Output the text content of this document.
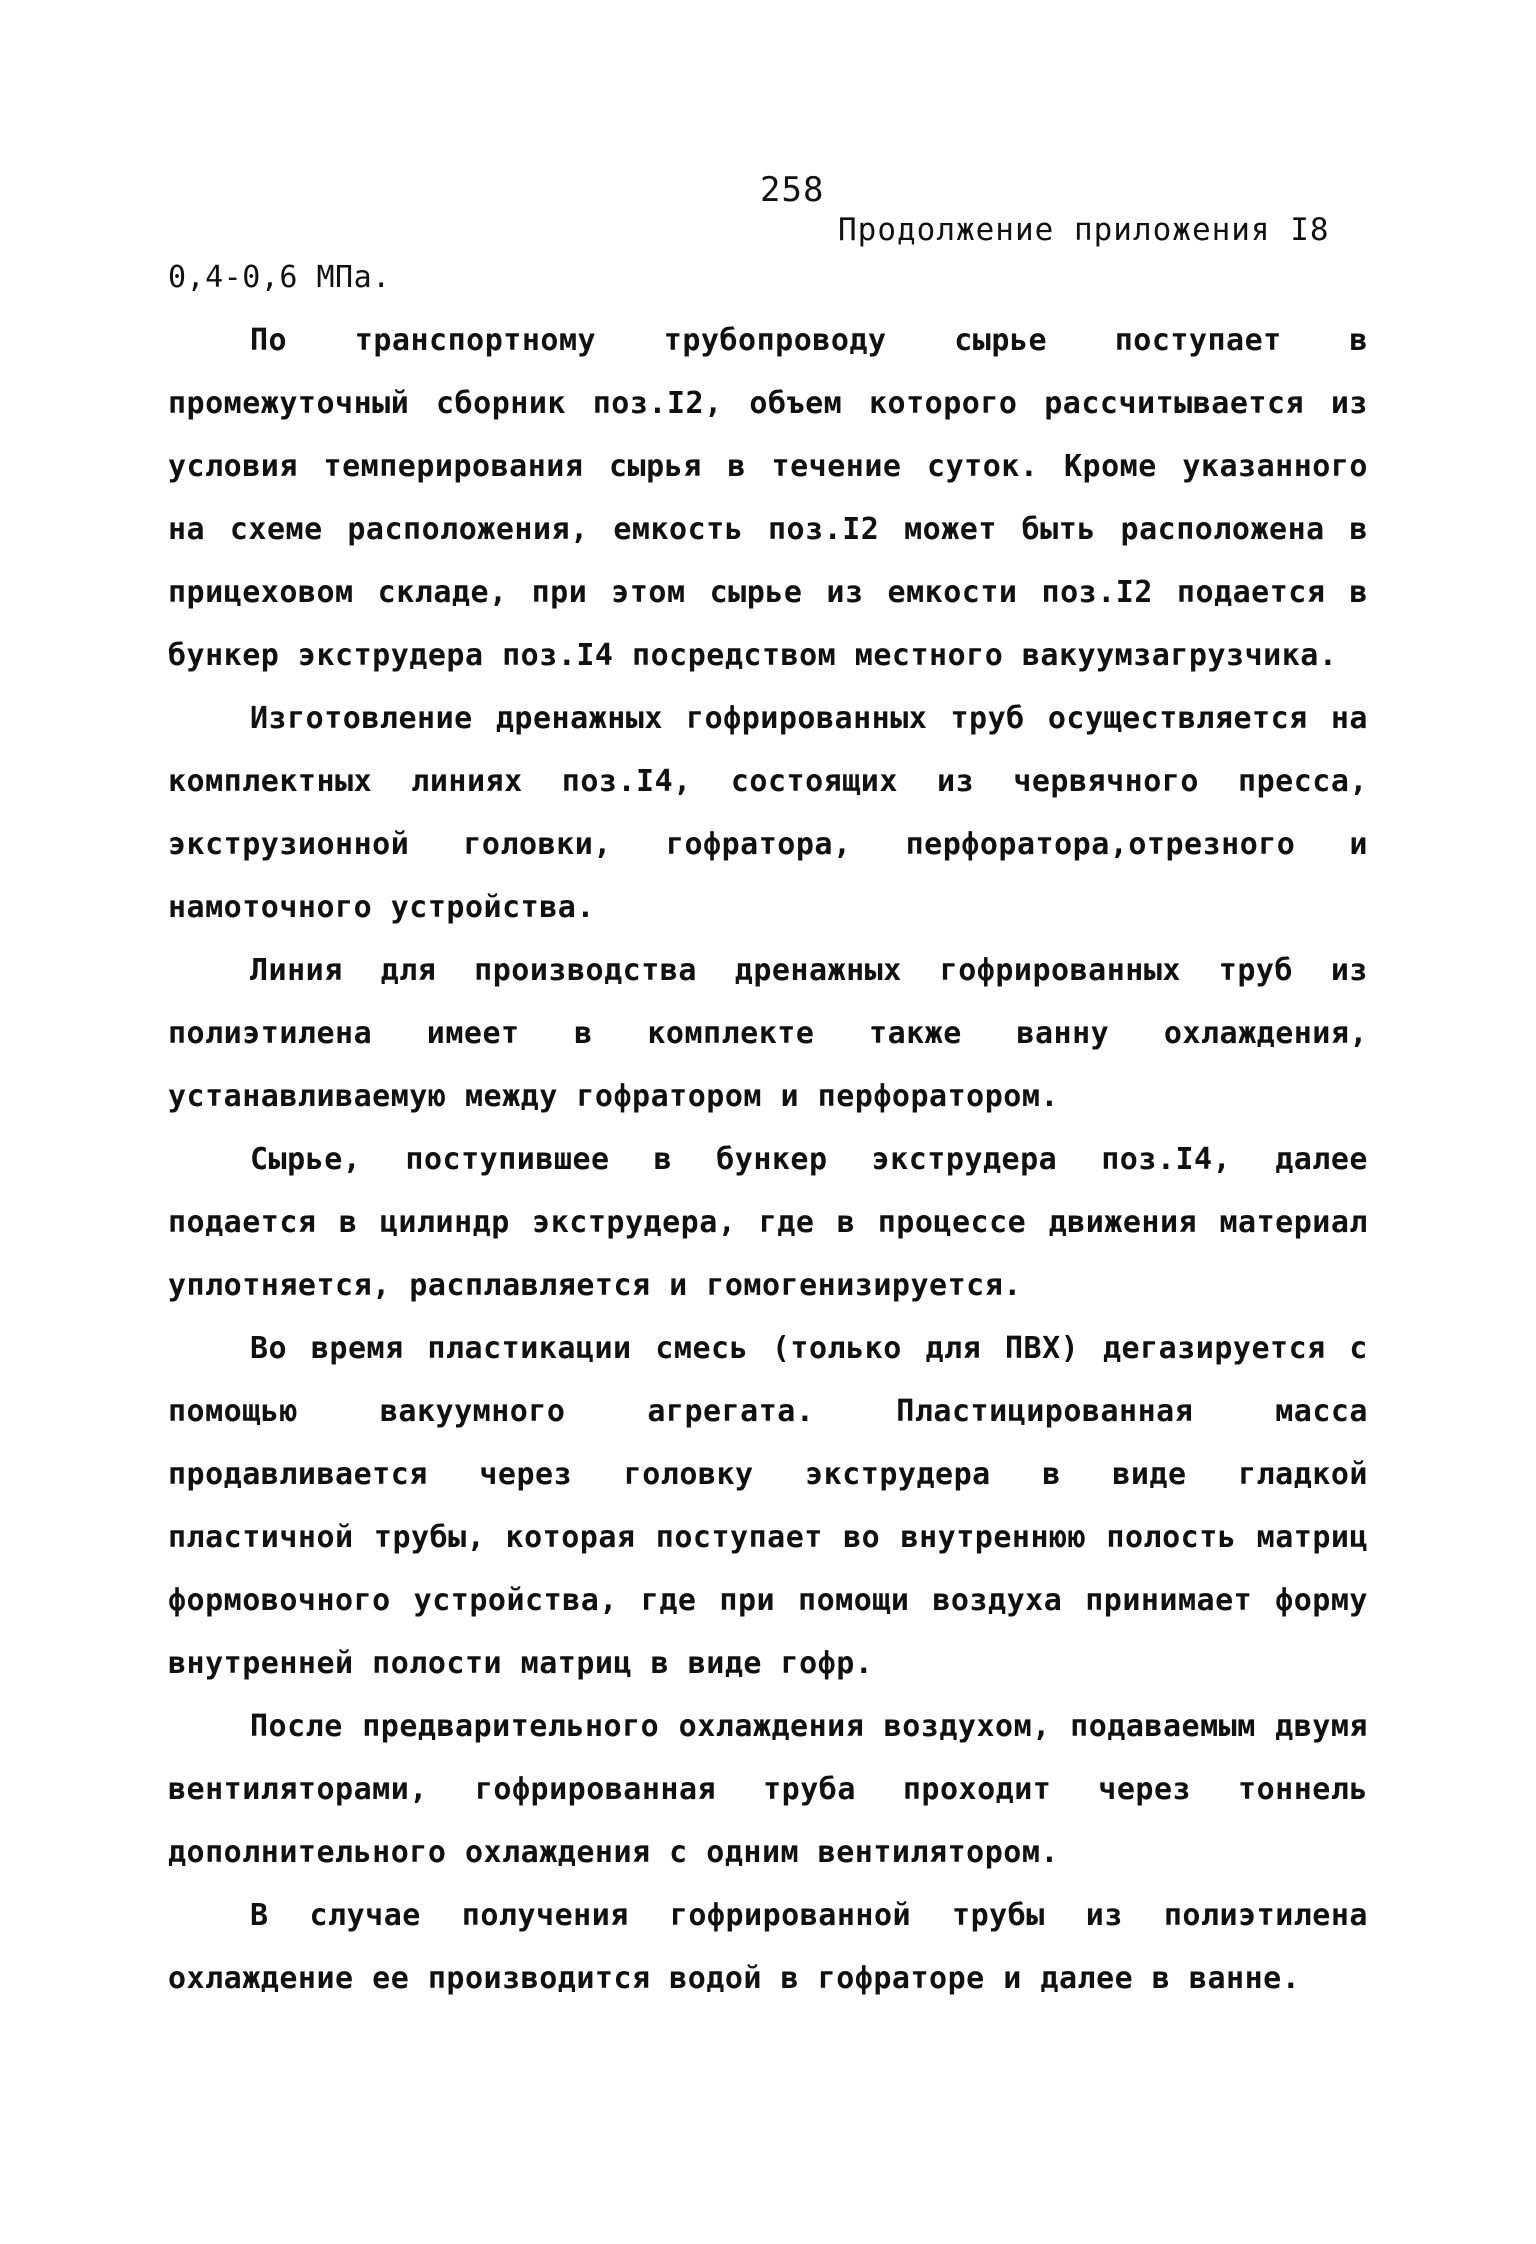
258
Продолжение приложения I8

0,4-0,6 МПа.

По транспортному трубопроводу сырье поступает в промежуточный сборник поз.I2, объем которого рассчитывается из условия темперирования сырья в течение суток. Кроме указанного на схеме расположения, емкость поз.I2 может быть расположена в прицеховом складе, при этом сырье из емкости поз.I2 подается в бункер экструдера поз.I4 посредством местного вакуумзагрузчика.

Изготовление дренажных гофрированных труб осуществляется на комплектных линиях поз.I4, состоящих из червячного пресса, экструзионной головки, гофратора, перфоратора,отрезного и намоточного устройства.

Линия для производства дренажных гофрированных труб из полиэтилена имеет в комплекте также ванну охлаждения, устанавливаемую между гофратором и перфоратором.

Сырье, поступившее в бункер экструдера поз.I4, далее подается в цилиндр экструдера, где в процессе движения материал уплотняется, расплавляется и гомогенизируется.

Во время пластикации смесь (только для ПВХ) дегазируется с помощью вакуумного агрегата. Пластицированная масса продавливается через головку экструдера в виде гладкой пластичной трубы, которая поступает во внутреннюю полость матриц формовочного устройства, где при помощи воздуха принимает форму внутренней полости матриц в виде гофр.

После предварительного охлаждения воздухом, подаваемым двумя вентиляторами, гофрированная труба проходит через тоннель дополнительного охлаждения с одним вентилятором.

В случае получения гофрированной трубы из полиэтилена охлаждение ее производится водой в гофраторе и далее в ванне.
